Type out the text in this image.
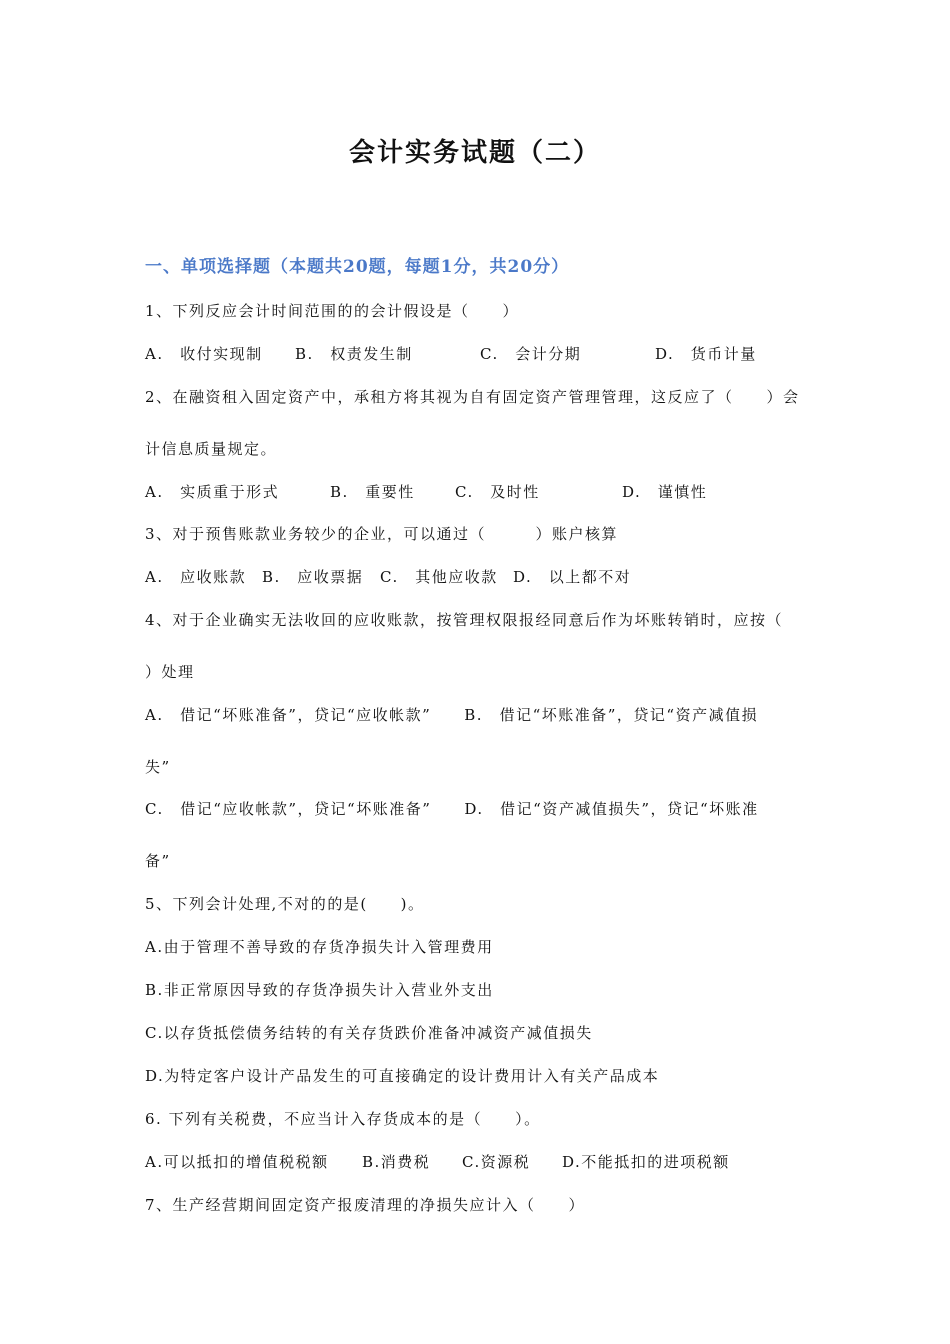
会计实务试题（二）
一、单项选择题（本题共20题，每题1分，共20分）
1、下列反应会计时间范围的的会计假设是（　　）
A.　收付实现制 B.　权责发生制	C.　会计分期	D.　货币计量
2、在融资租入固定资产中，承租方将其视为自有固定资产管理管理，这反应了（　　）会
计信息质量规定。
A.　实质重于形式	B.　重要性	C.　及时性	D.　谨慎性
3、对于预售账款业务较少的企业，可以通过（　　　）账户核算
A.　应收账款 B.　应收票据 C.　其他应收款 D.　以上都不对
4、对于企业确实无法收回的应收账款，按管理权限报经同意后作为坏账转销时，应按（
）处理
A.　借记“坏账准备”，贷记“应收帐款”　　B.　借记“坏账准备”，贷记“资产减值损
失”
C.　借记“应收帐款”，贷记“坏账准备”　　D.　借记“资产减值损失”，贷记“坏账准
备”
5、下列会计处理,不对的的是(　　)。
A.由于管理不善导致的存货净损失计入管理费用
B.非正常原因导致的存货净损失计入营业外支出
C.以存货抵偿债务结转的有关存货跌价准备冲减资产减值损失
D.为特定客户设计产品发生的可直接确定的设计费用计入有关产品成本
6. 下列有关税费，不应当计入存货成本的是（　　）。
A.可以抵扣的增值税税额 B.消费税 C.资源税 D.不能抵扣的进项税额
7、生产经营期间固定资产报废清理的净损失应计入（　　）
